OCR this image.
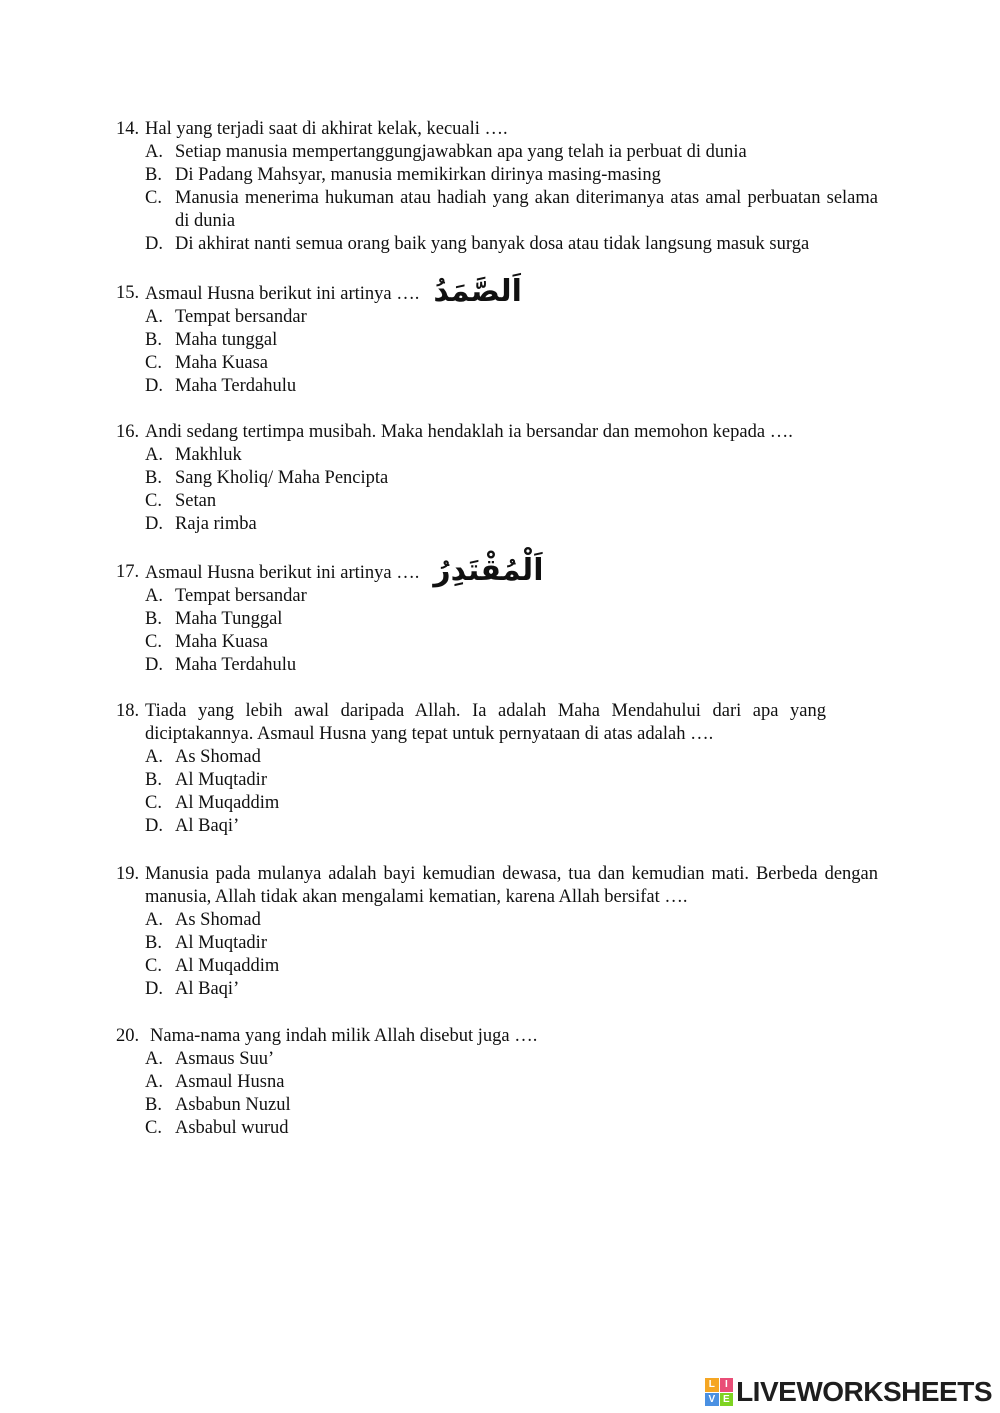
14. Hal yang terjadi saat di akhirat kelak, kecuali ….
A. Setiap manusia mempertanggungjawabkan apa yang telah ia perbuat di dunia
B. Di Padang Mahsyar, manusia memikirkan dirinya masing-masing
C. Manusia menerima hukuman atau hadiah yang akan diterimanya atas amal perbuatan selama di dunia
D. Di akhirat nanti semua orang baik yang banyak dosa atau tidak langsung masuk surga
15. Asmaul Husna berikut ini artinya …. اَلصَّمَدُ
A. Tempat bersandar
B. Maha tunggal
C. Maha Kuasa
D. Maha Terdahulu
16. Andi sedang tertimpa musibah. Maka hendaklah ia bersandar dan memohon kepada ….
A. Makhluk
B. Sang Kholiq/ Maha Pencipta
C. Setan
D. Raja rimba
17. Asmaul Husna berikut ini artinya …. اَلْمُقْتَدِرُ
A. Tempat bersandar
B. Maha Tunggal
C. Maha Kuasa
D. Maha Terdahulu
18. Tiada yang lebih awal daripada Allah. Ia adalah Maha Mendahului dari apa yang diciptakannya. Asmaul Husna yang tepat untuk pernyataan di atas adalah ….
A. As Shomad
B. Al Muqtadir
C. Al Muqaddim
D. Al Baqi’
19. Manusia pada mulanya adalah bayi kemudian dewasa, tua dan kemudian mati. Berbeda dengan manusia, Allah tidak akan mengalami kematian, karena Allah bersifat ….
A. As Shomad
B. Al Muqtadir
C. Al Muqaddim
D. Al Baqi’
20. Nama-nama yang indah milik Allah disebut juga ….
A. Asmaus Suu’
A. Asmaul Husna
B. Asbabun Nuzul
C. Asbabul wurud
L	I
V E LIVEWORKSHEETS
